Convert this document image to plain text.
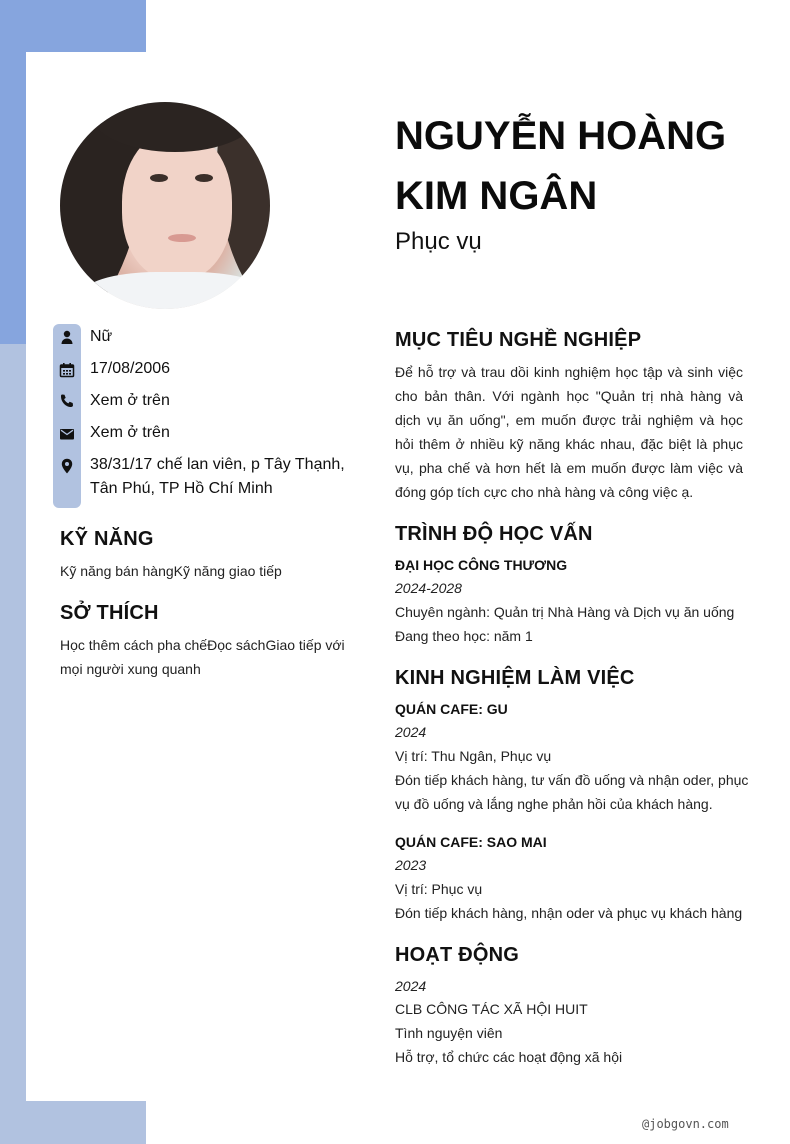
NGUYỄN HOÀNG
KIM NGÂN
Phục vụ
Nữ
17/08/2006
Xem ở trên
Xem ở trên
38/31/17 chế lan viên, p Tây Thạnh,
Tân Phú, TP Hồ Chí Minh
KỸ NĂNG
Kỹ năng bán hàngKỹ năng giao tiếp
SỞ THÍCH
Học thêm cách pha chếĐọc sáchGiao tiếp với
mọi người xung quanh
MỤC TIÊU NGHỀ NGHIỆP
Để hỗ trợ và trau dồi kinh nghiệm học tập và sinh việc cho bản thân. Với ngành học "Quản trị nhà hàng và dịch vụ ăn uống", em muốn được trải nghiệm và học hỏi thêm ở nhiều kỹ năng khác nhau, đặc biệt là phục vụ, pha chế và hơn hết là em muốn được làm việc và đóng góp tích cực cho nhà hàng và công việc ạ.
TRÌNH ĐỘ HỌC VẤN
ĐẠI HỌC CÔNG THƯƠNG
2024-2028
Chuyên ngành: Quản trị Nhà Hàng và Dịch vụ ăn uống
Đang theo học: năm 1
KINH NGHIỆM LÀM VIỆC
QUÁN CAFE: GU
2024
Vị trí: Thu Ngân, Phục vụ
Đón tiếp khách hàng, tư vấn đồ uống và nhận oder, phục
vụ đồ uống và lắng nghe phản hồi của khách hàng.
QUÁN CAFE: SAO MAI
2023
Vị trí: Phục vụ
Đón tiếp khách hàng, nhận oder và phục vụ khách hàng
HOẠT ĐỘNG
2024
CLB CÔNG TÁC XÃ HỘI HUIT
Tình nguyện viên
Hỗ trợ, tổ chức các hoạt động xã hội
@jobgovn.com
